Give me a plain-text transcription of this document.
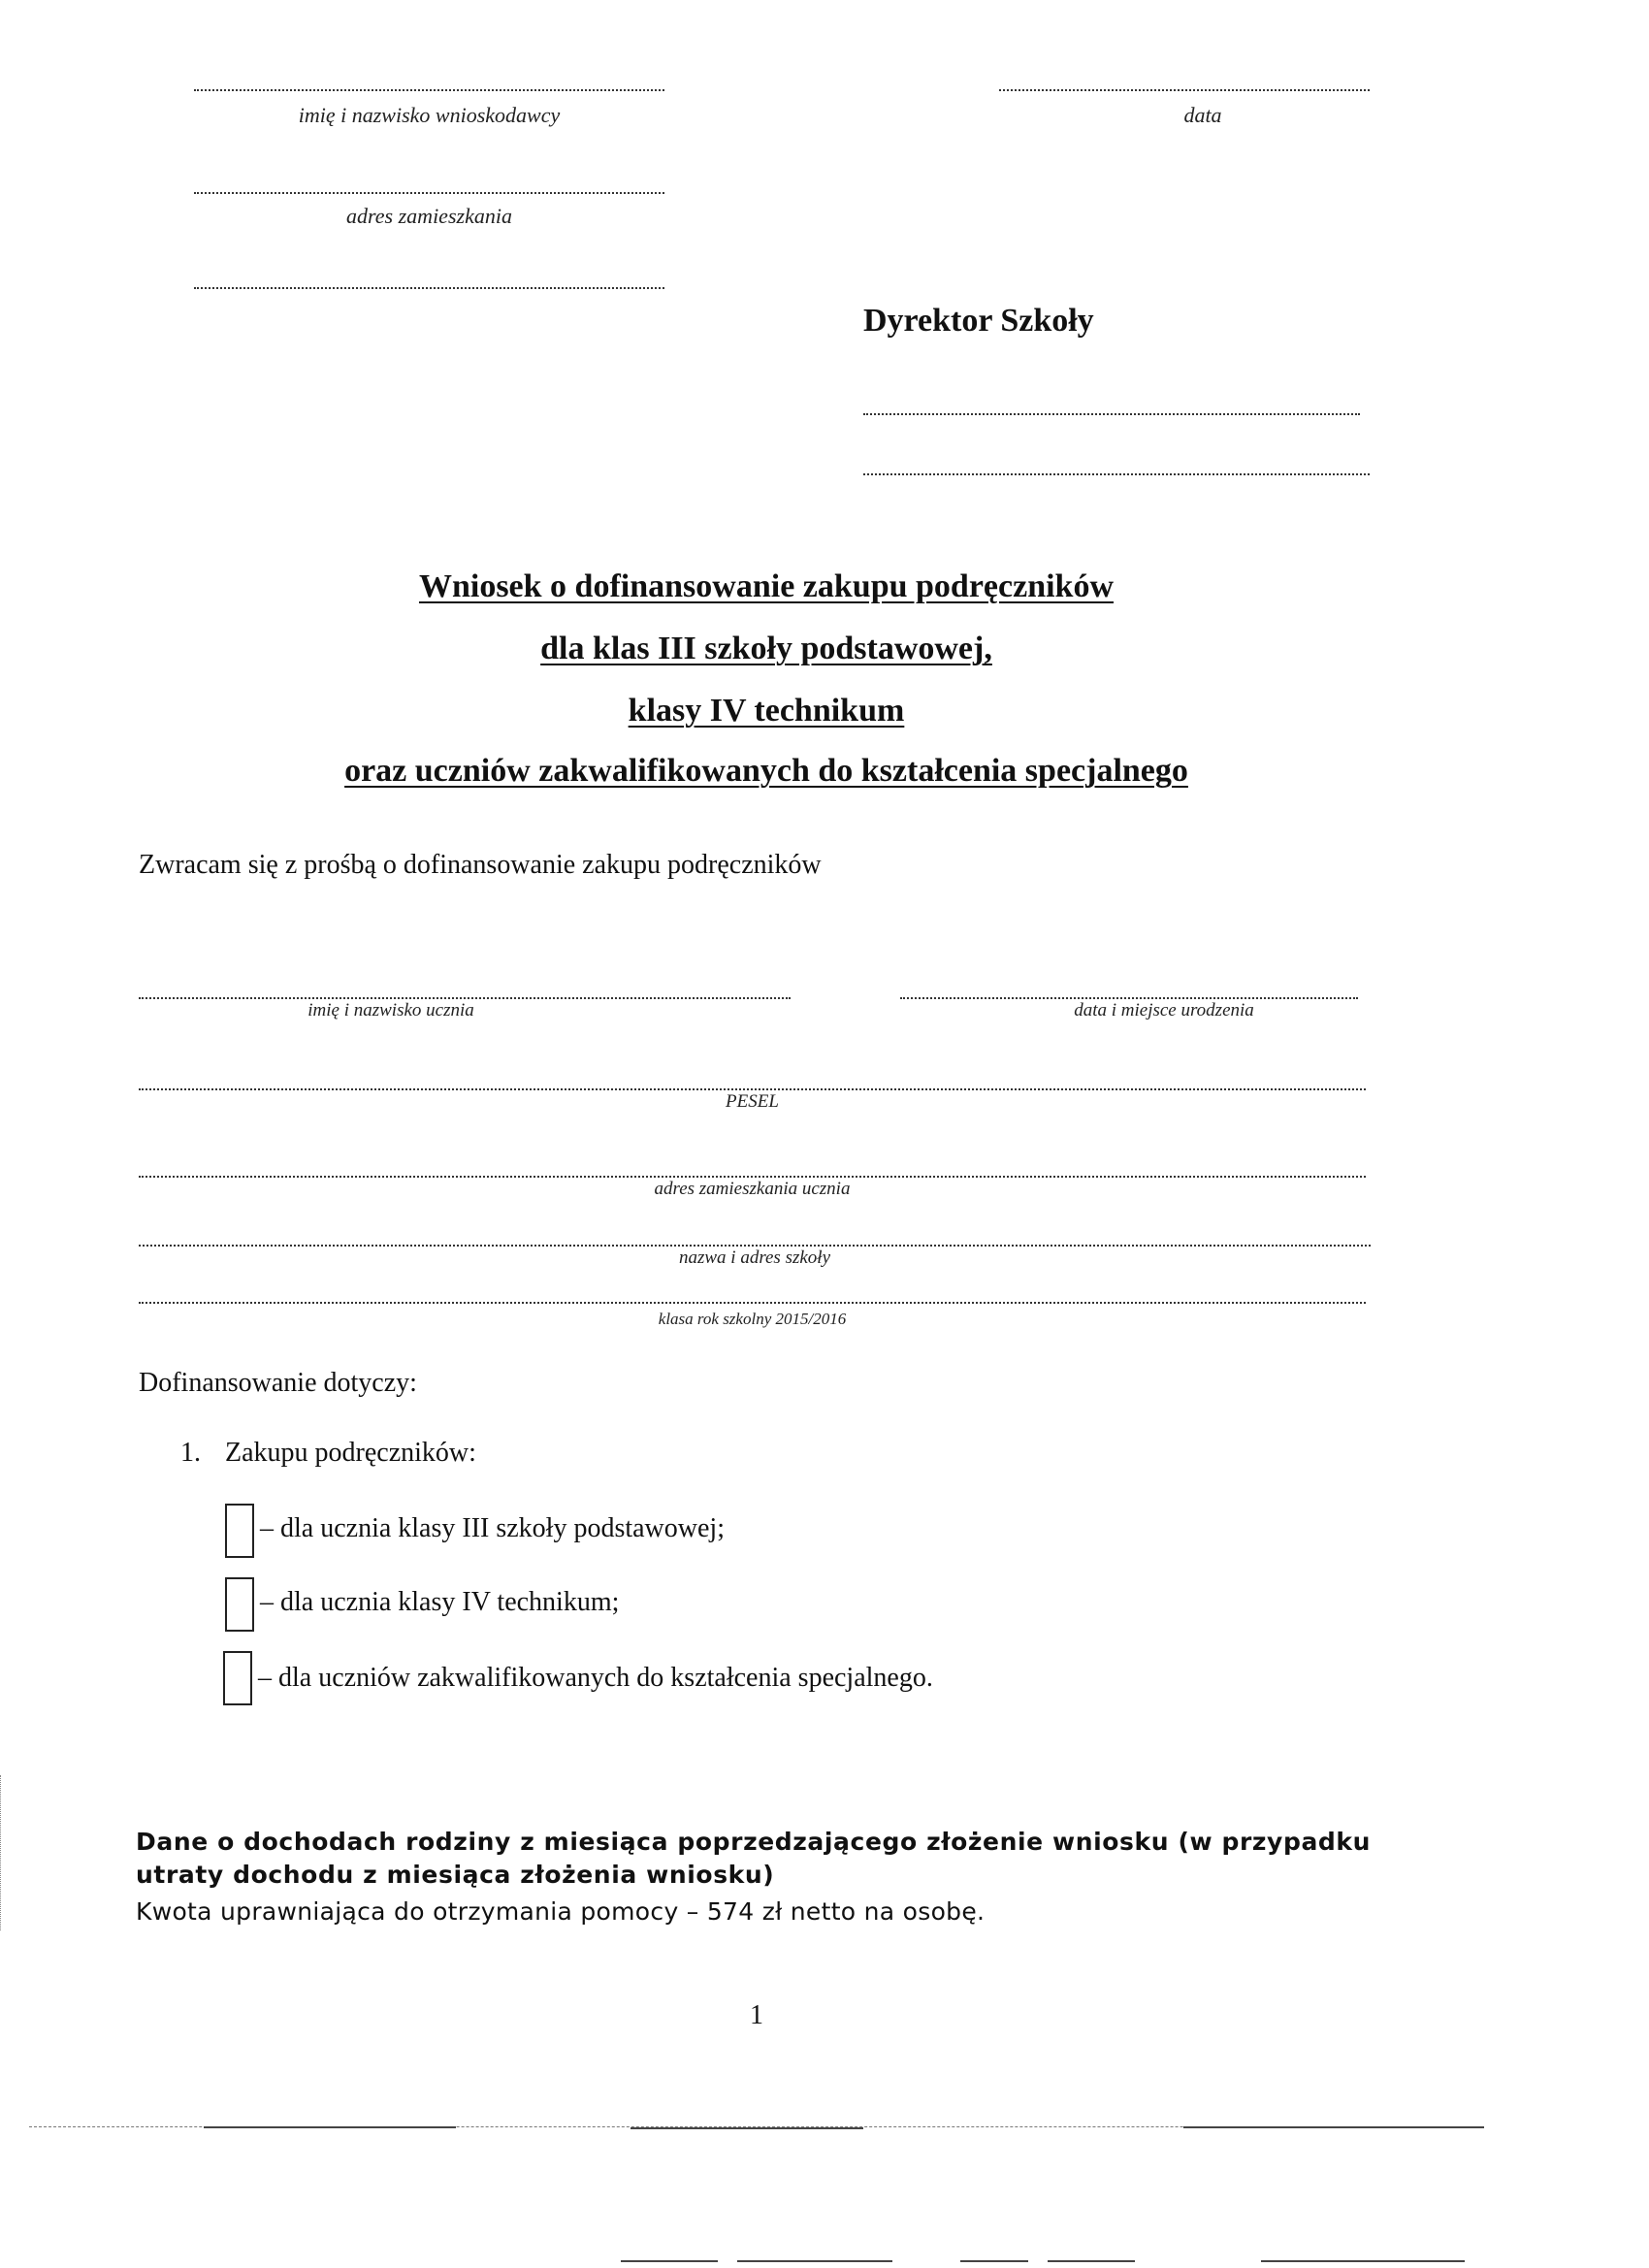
imię i nazwisko wnioskodawcy	data
adres zamieszkania
Dyrektor Szkoły
Wniosek o dofinansowanie zakupu podręczników
dla klas III szkoły podstawowej,
klasy IV technikum
oraz uczniów zakwalifikowanych do kształcenia specjalnego
Zwracam się z prośbą o dofinansowanie zakupu podręczników
imię i nazwisko ucznia	data i miejsce urodzenia
PESEL
adres zamieszkania ucznia
nazwa i adres szkoły
klasa rok szkolny 2015/2016
Dofinansowanie dotyczy:
1. Zakupu podręczników:
– dla ucznia klasy III szkoły podstawowej;
– dla ucznia klasy IV technikum;
– dla uczniów zakwalifikowanych do kształcenia specjalnego.
Dane o dochodach rodziny z miesiąca poprzedzającego złożenie wniosku (w przypadku utraty dochodu z miesiąca złożenia wniosku)
Kwota uprawniająca do otrzymania pomocy – 574 zł netto na osobę.
1
